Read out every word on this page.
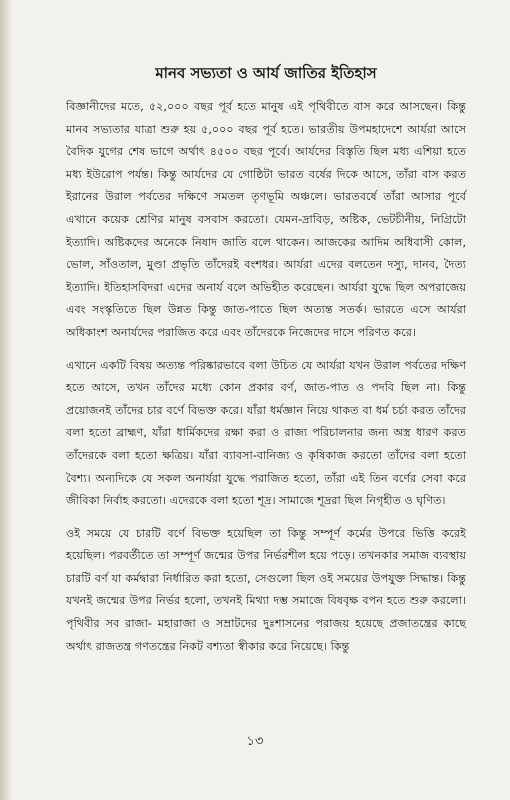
মানব সভ্যতা ও আর্য জাতির ইতিহাস

বিজ্ঞানীদের মতে, ৫২,০০০ বছর পূর্ব হতে মানুষ এই পৃথিবীতে বাস করে আসছেন। কিন্তু মানব সভ্যতার যাত্রা শুরু হয় ৫,০০০ বছর পূর্ব হতে। ভারতীয় উপমহাদেশে আর্যরা আসে বৈদিক যুগের শেষ ভাগে অর্থাৎ ৪৫০০ বছর পূর্বে। আর্যদের বিস্তৃতি ছিল মধ্য এশিয়া হতে মধ্য ইউরোপ পর্যন্ত। কিন্তু আর্যদের যে গোষ্ঠিটা ভারত বর্ষের দিকে আসে, তাঁরা বাস করত ইরানের উরাল পর্বতের দক্ষিণে সমতল তৃণভূমি অঞ্চলে। ভারতবর্ষে তাঁরা আসার পূর্বে এখানে কয়েক শ্রেণির মানুষ বসবাস করতো। যেমন-দ্রাবিড়, অষ্টিক, ভেটচীনীয়, নিগ্রিটো ইত্যাদি। অষ্টিকদের অনেকে নিষাদ জাতি বলে থাকেন। আজকের আদিম অধিবাসী কোল, ভোল, সাঁওতাল, মুণ্ডা প্রভৃতি তাঁদেরই বংশধর। আর্যরা এদের বলতেন দস্যু, দানব, দৈত্য ইত্যাদি। ইতিহাসবিদরা এদের অনার্য বলে অভিহীত করেছেন। আর্যরা যুদ্ধে ছিল অপরাজেয় এবং সংস্কৃতিতে ছিল উন্নত কিন্তু জাত-পাতে ছিল অত্যন্ত সতর্ক। ভারতে এসে আর্যরা অধিকাংশ অনার্যদের পরাজিত করে এবং তাঁদেরকে নিজেদের দাসে পরিণত করে।

এখানে একটি বিষয় অত্যন্ত পরিষ্কারভাবে বলা উচিত যে আর্যরা যখন উরাল পর্বতের দক্ষিণ হতে আসে, তখন তাঁদের মধ্যে কোন প্রকার বর্ণ, জাত-পাত ও পদবি ছিল না। কিন্তু প্রয়োজনই তাঁদের চার বর্ণে বিভক্ত করে। যাঁরা ধর্মজ্ঞান নিয়ে থাকত বা ধর্ম চর্চা করত তাঁদের বলা হতো ব্রাহ্মণ, যাঁরা ধার্মিকদের রক্ষা করা ও রাজ্য পরিচালনার জন্য অস্ত্র ধারণ করত তাঁদেরকে বলা হতো ক্ষত্রিয়। যাঁরা ব্যাবসা-বানিজ্য ও কৃষিকাজ করতো তাঁদের বলা হতো বৈশ্য। অন্যদিকে যে সকল অনার্যরা যুদ্ধে পরাজিত হতো, তাঁরা এই তিন বর্ণের সেবা করে জীবিকা নির্বাহ করতো। এদেরকে বলা হতো শূদ্র। সামাজে শূদ্ররা ছিল নিগৃহীত ও ঘৃণিত।

ওই সময়ে যে চারটি বর্ণে বিভক্ত হয়েছিল তা কিন্তু সম্পূর্ণ কর্মের উপরে ভিত্তি করেই হয়েছিল। পরবর্তীতে তা সম্পূর্ণ জন্মের উপর নির্ভরশীল হয়ে পড়ে। তখনকার সমাজ ব্যবস্থায় চারটি বর্ণ যা কর্মদ্বারা নির্ধারিত করা হতো, সেগুলো ছিল ওই সময়ের উপযুক্ত সিদ্ধান্ত। কিন্তু যখনই জন্মের উপর নির্ভর হলো, তখনই মিথ্যা দম্ভ সমাজে বিষবৃক্ষ বপন হতে শুরু করলো। পৃথিবীর সব রাজা- মহারাজা ও সম্রাটদের দুঃশাসনের পরাজয় হয়েছে প্রজাতন্ত্রের কাছে অর্থাৎ রাজতন্ত্র গণতন্ত্রের নিকট বশ্যতা স্বীকার করে নিয়েছে। কিন্তু

১৩
